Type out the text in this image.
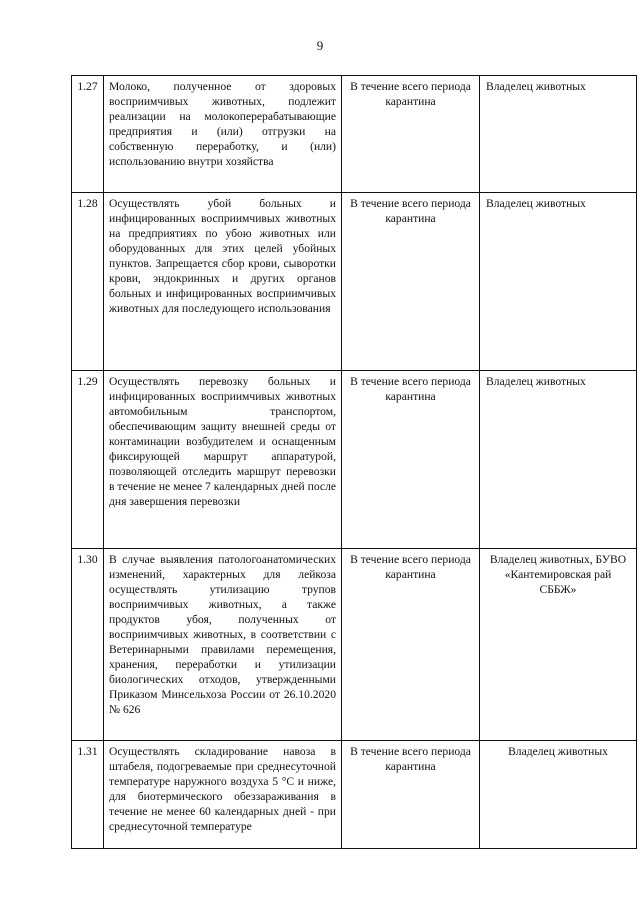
9
1.27	Молоко, полученное от здоровых восприимчивых животных, подлежит реализации на молокоперерабатывающие предприятия и (или) отгрузки на собственную переработку, и (или) использованию внутри хозяйства	В течение всего периода карантина	Владелец животных
1.28	Осуществлять убой больных и инфицированных восприимчивых животных на предприятиях по убою животных или оборудованных для этих целей убойных пунктов. Запрещается сбор крови, сыворотки крови, эндокринных и других органов больных и инфицированных восприимчивых животных для последующего использования	В течение всего периода карантина	Владелец животных
1.29	Осуществлять перевозку больных и инфицированных восприимчивых животных автомобильным транспортом, обеспечивающим защиту внешней среды от контаминации возбудителем и оснащенным фиксирующей маршрут аппаратурой, позволяющей отследить маршрут перевозки в течение не менее 7 календарных дней после дня завершения перевозки	В течение всего периода карантина	Владелец животных
1.30	В случае выявления патологоанатомических изменений, характерных для лейкоза осуществлять утилизацию трупов восприимчивых животных, а также продуктов убоя, полученных от восприимчивых животных, в соответствии с Ветеринарными правилами перемещения, хранения, переработки и утилизации биологических отходов, утвержденными Приказом Минсельхоза России от 26.10.2020 № 626	В течение всего периода карантина	Владелец животных, БУВО «Кантемировская рай СББЖ»
1.31	Осуществлять складирование навоза в штабеля, подогреваемые при среднесуточной температуре наружного воздуха 5 °С и ниже, для биотермического обеззараживания в течение не менее 60 календарных дней - при среднесуточной температуре	В течение всего периода карантина	Владелец животных
